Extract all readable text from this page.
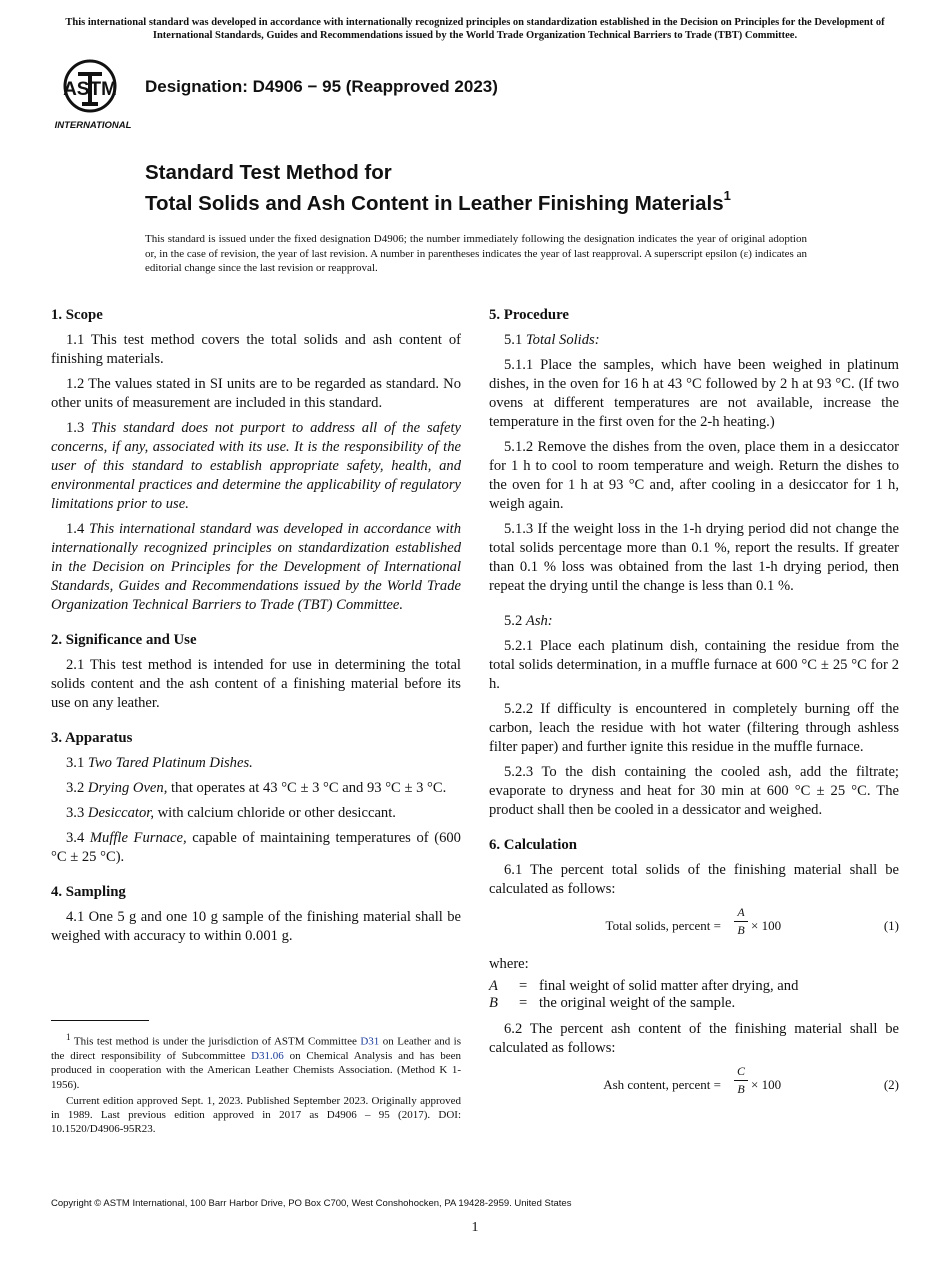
This international standard was developed in accordance with internationally recognized principles on standardization established in the Decision on Principles for the Development of International Standards, Guides and Recommendations issued by the World Trade Organization Technical Barriers to Trade (TBT) Committee.
ASTM
INTERNATIONAL
Designation: D4906 − 95 (Reapproved 2023)
Standard Test Method for
Total Solids and Ash Content in Leather Finishing Materials$^1$
This standard is issued under the fixed designation D4906; the number immediately following the designation indicates the year of original adoption or, in the case of revision, the year of last revision. A number in parentheses indicates the year of last reapproval. A superscript epsilon (ε) indicates an editorial change since the last revision or reapproval.
1. Scope

1.1 This test method covers the total solids and ash content of finishing materials.

1.2 The values stated in SI units are to be regarded as standard. No other units of measurement are included in this standard.

1.3 This standard does not purport to address all of the safety concerns, if any, associated with its use. It is the responsibility of the user of this standard to establish appropriate safety, health, and environmental practices and determine the applicability of regulatory limitations prior to use.

1.4 This international standard was developed in accordance with internationally recognized principles on standardization established in the Decision on Principles for the Development of International Standards, Guides and Recommendations issued by the World Trade Organization Technical Barriers to Trade (TBT) Committee.

2. Significance and Use

2.1 This test method is intended for use in determining the total solids content and the ash content of a finishing material before its use on any leather.

3. Apparatus

3.1 Two Tared Platinum Dishes.

3.2 Drying Oven, that operates at 43 °C ± 3 °C and 93 °C ± 3 °C.

3.3 Desiccator, with calcium chloride or other desiccant.

3.4 Muffle Furnace, capable of maintaining temperatures of (600 °C ± 25 °C).

4. Sampling

4.1 One 5 g and one 10 g sample of the finishing material shall be weighed with accuracy to within 0.001 g.

5. Procedure

5.1 Total Solids:

5.1.1 Place the samples, which have been weighed in platinum dishes, in the oven for 16 h at 43 °C followed by 2 h at 93 °C. (If two ovens at different temperatures are not available, increase the temperature in the first oven for the 2-h heating.)

5.1.2 Remove the dishes from the oven, place them in a desiccator for 1 h to cool to room temperature and weigh. Return the dishes to the oven for 1 h at 93 °C and, after cooling in a desiccator for 1 h, weigh again.

5.1.3 If the weight loss in the 1-h drying period did not change the total solids percentage more than 0.1 %, report the results. If greater than 0.1 % loss was obtained from the last 1-h drying period, then repeat the drying until the change is less than 0.1 %.

5.2 Ash:

5.2.1 Place each platinum dish, containing the residue from the total solids determination, in a muffle furnace at 600 °C ± 25 °C for 2 h.

5.2.2 If difficulty is encountered in completely burning off the carbon, leach the residue with hot water (filtering through ashless filter paper) and further ignite this residue in the muffle furnace.

5.2.3 To the dish containing the cooled ash, add the filtrate; evaporate to dryness and heat for 30 min at 600 °C ± 25 °C. The product shall then be cooled in a dessicator and weighed.

6. Calculation

6.1 The percent total solids of the finishing material shall be calculated as follows:

Total solids, percent =
A
B × 100	(1)
where:
A = final weight of solid matter after drying, and
B = the original weight of the sample.

6.2 The percent ash content of the finishing material shall be calculated as follows:

Ash content, percent =
C
B × 100	(2)

$^1$ This test method is under the jurisdiction of ASTM Committee D31 on Leather and is the direct responsibility of Subcommittee D31.06 on Chemical Analysis and has been produced in cooperation with the American Leather Chemists Association. (Method K 1-1956).

Current edition approved Sept. 1, 2023. Published September 2023. Originally approved in 1989. Last previous edition approved in 2017 as D4906 – 95 (2017). DOI: 10.1520/D4906-95R23.

Copyright © ASTM International, 100 Barr Harbor Drive, PO Box C700, West Conshohocken, PA 19428-2959. United States
1
